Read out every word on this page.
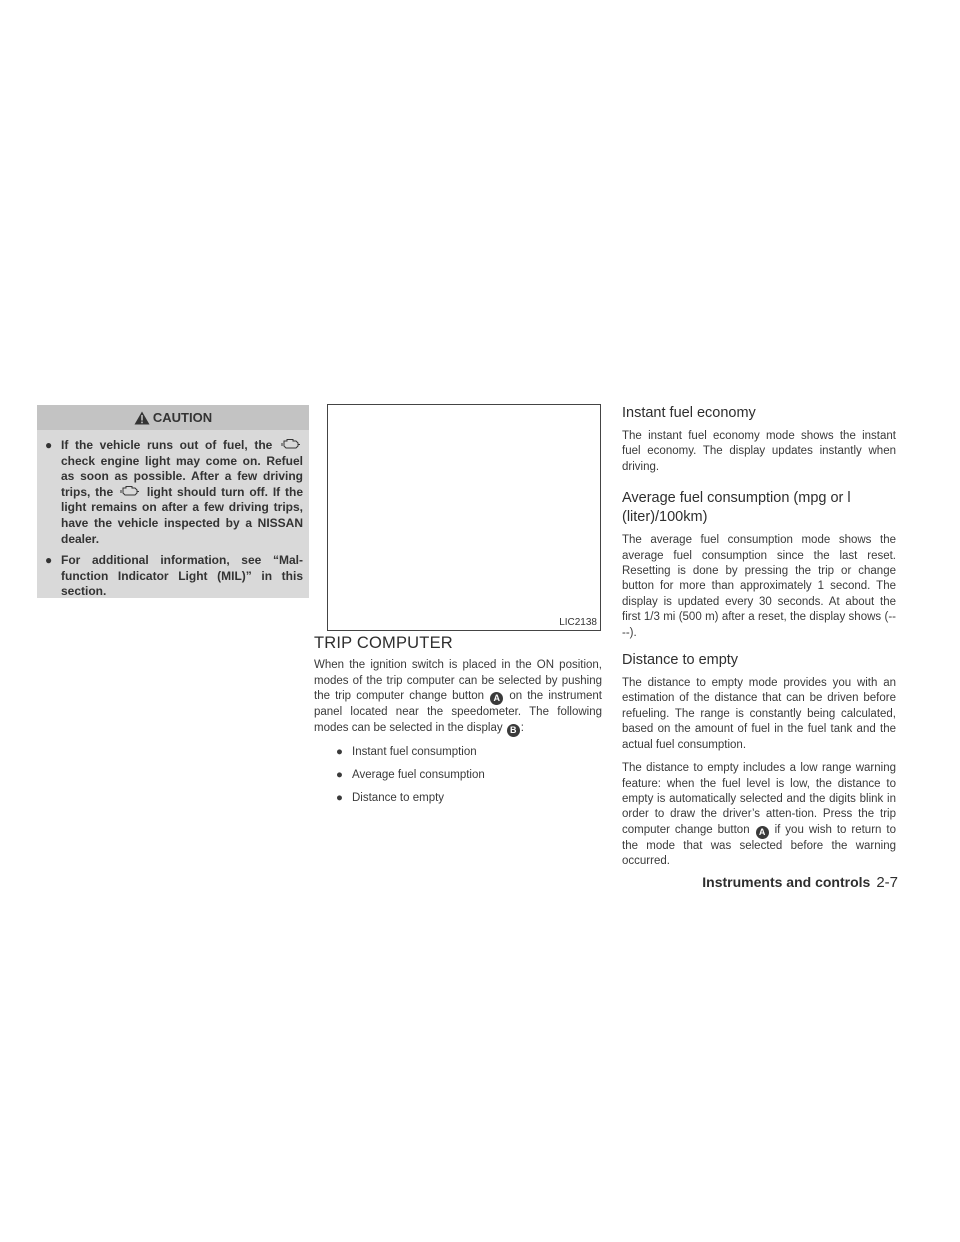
CAUTION
● If the vehicle runs out of fuel, the  check engine light may come on. Refuel as soon as possible. After a few driving trips, the	light should turn off. If the light remains on after a few driving trips, have the vehicle inspected by a NISSAN dealer.
● For additional information, see “Mal-function Indicator Light (MIL)” in this section.
LIC2138
TRIP COMPUTER

When the ignition switch is placed in the ON position, modes of the trip computer can be selected by pushing the trip computer change button A on the instrument panel located near the speedometer. The following modes can be selected in the display B :

● Instant fuel consumption
● Average fuel consumption
● Distance to empty
Instant fuel economy

The instant fuel economy mode shows the instant fuel economy. The display updates instantly when driving.

Average fuel consumption (mpg or l (liter)/100km)

The average fuel consumption mode shows the average fuel consumption since the last reset. Resetting is done by pressing the trip or change button for more than approximately 1 second. The display is updated every 30 seconds. At about the first 1/3 mi (500 m) after a reset, the display shows (----).

Distance to empty

The distance to empty mode provides you with an estimation of the distance that can be driven before refueling. The range is constantly being calculated, based on the amount of fuel in the fuel tank and the actual fuel consumption.

The distance to empty includes a low range warning feature: when the fuel level is low, the distance to empty is automatically selected and the digits blink in order to draw the driver’s atten-tion. Press the trip computer change button A if you wish to return to the mode that was selected before the warning occurred.

Instruments and controls 2-7
